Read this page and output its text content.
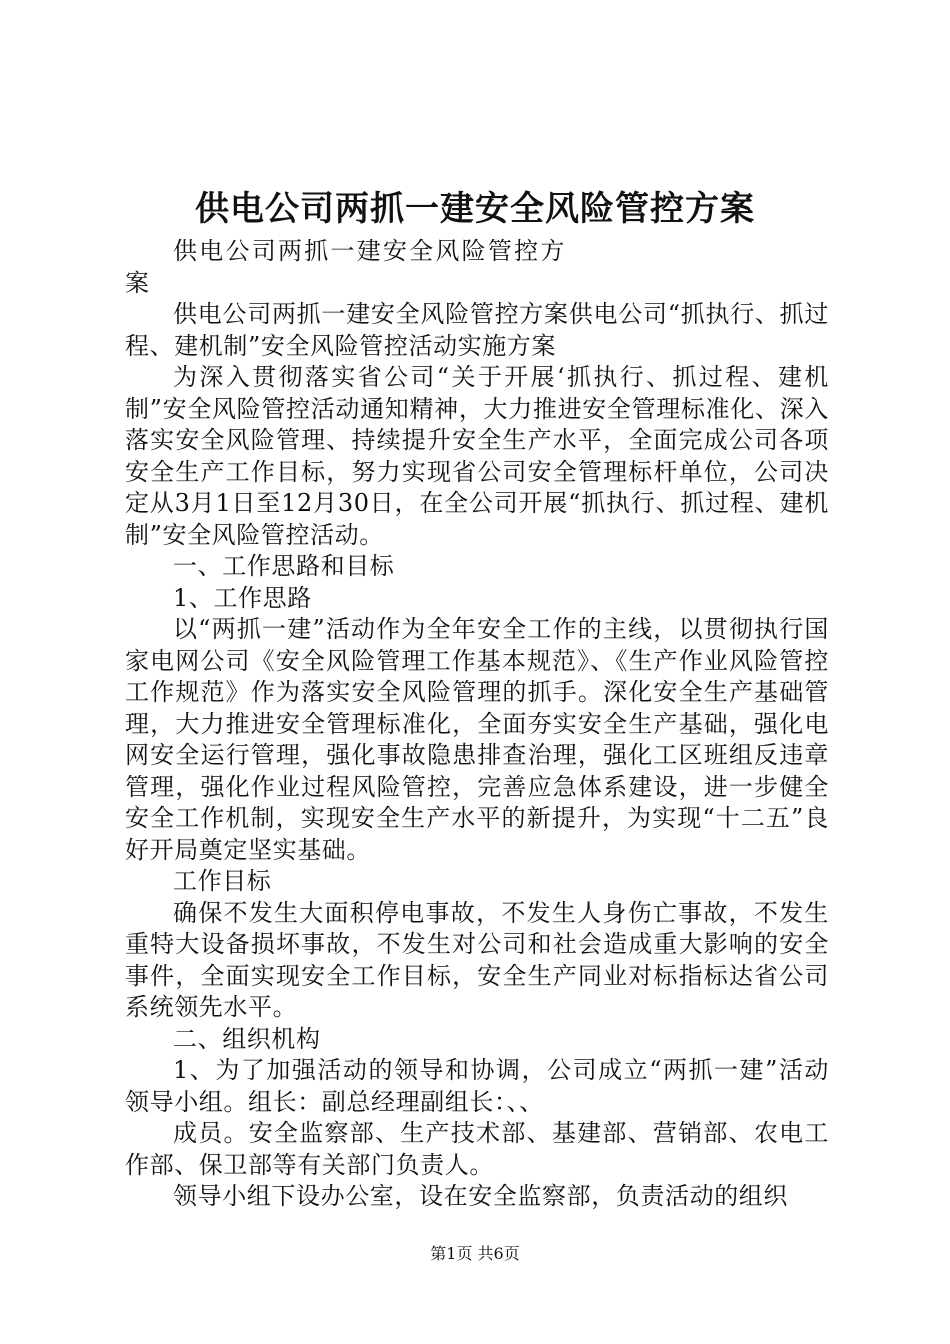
供电公司两抓一建安全风险管控方案

供电公司两抓一建安全风险管控方案

供电公司两抓一建安全风险管控方案供电公司“抓执行、抓过程、建机制”安全风险管控活动实施方案

为深入贯彻落实省公司“关于开展‘抓执行、抓过程、建机制”安全风险管控活动通知精神，大力推进安全管理标准化、深入落实安全风险管理、持续提升安全生产水平，全面完成公司各项安全生产工作目标，努力实现省公司安全管理标杆单位，公司决定从3月1日至12月30日，在全公司开展“抓执行、抓过程、建机制”安全风险管控活动。

一、工作思路和目标

1、工作思路

以“两抓一建”活动作为全年安全工作的主线，以贯彻执行国家电网公司《安全风险管理工作基本规范》、《生产作业风险管控工作规范》作为落实安全风险管理的抓手。深化安全生产基础管理，大力推进安全管理标准化，全面夯实安全生产基础，强化电网安全运行管理，强化事故隐患排查治理，强化工区班组反违章管理，强化作业过程风险管控，完善应急体系建设，进一步健全安全工作机制，实现安全生产水平的新提升，为实现“十二五”良好开局奠定坚实基础。

工作目标

确保不发生大面积停电事故，不发生人身伤亡事故，不发生重特大设备损坏事故，不发生对公司和社会造成重大影响的安全事件，全面实现安全工作目标，安全生产同业对标指标达省公司系统领先水平。

二、组织机构

1、为了加强活动的领导和协调，公司成立“两抓一建”活动领导小组。组长：副总经理副组长：、、

成员。安全监察部、生产技术部、基建部、营销部、农电工作部、保卫部等有关部门负责人。

领导小组下设办公室，设在安全监察部，负责活动的组织

第1页 共6页
